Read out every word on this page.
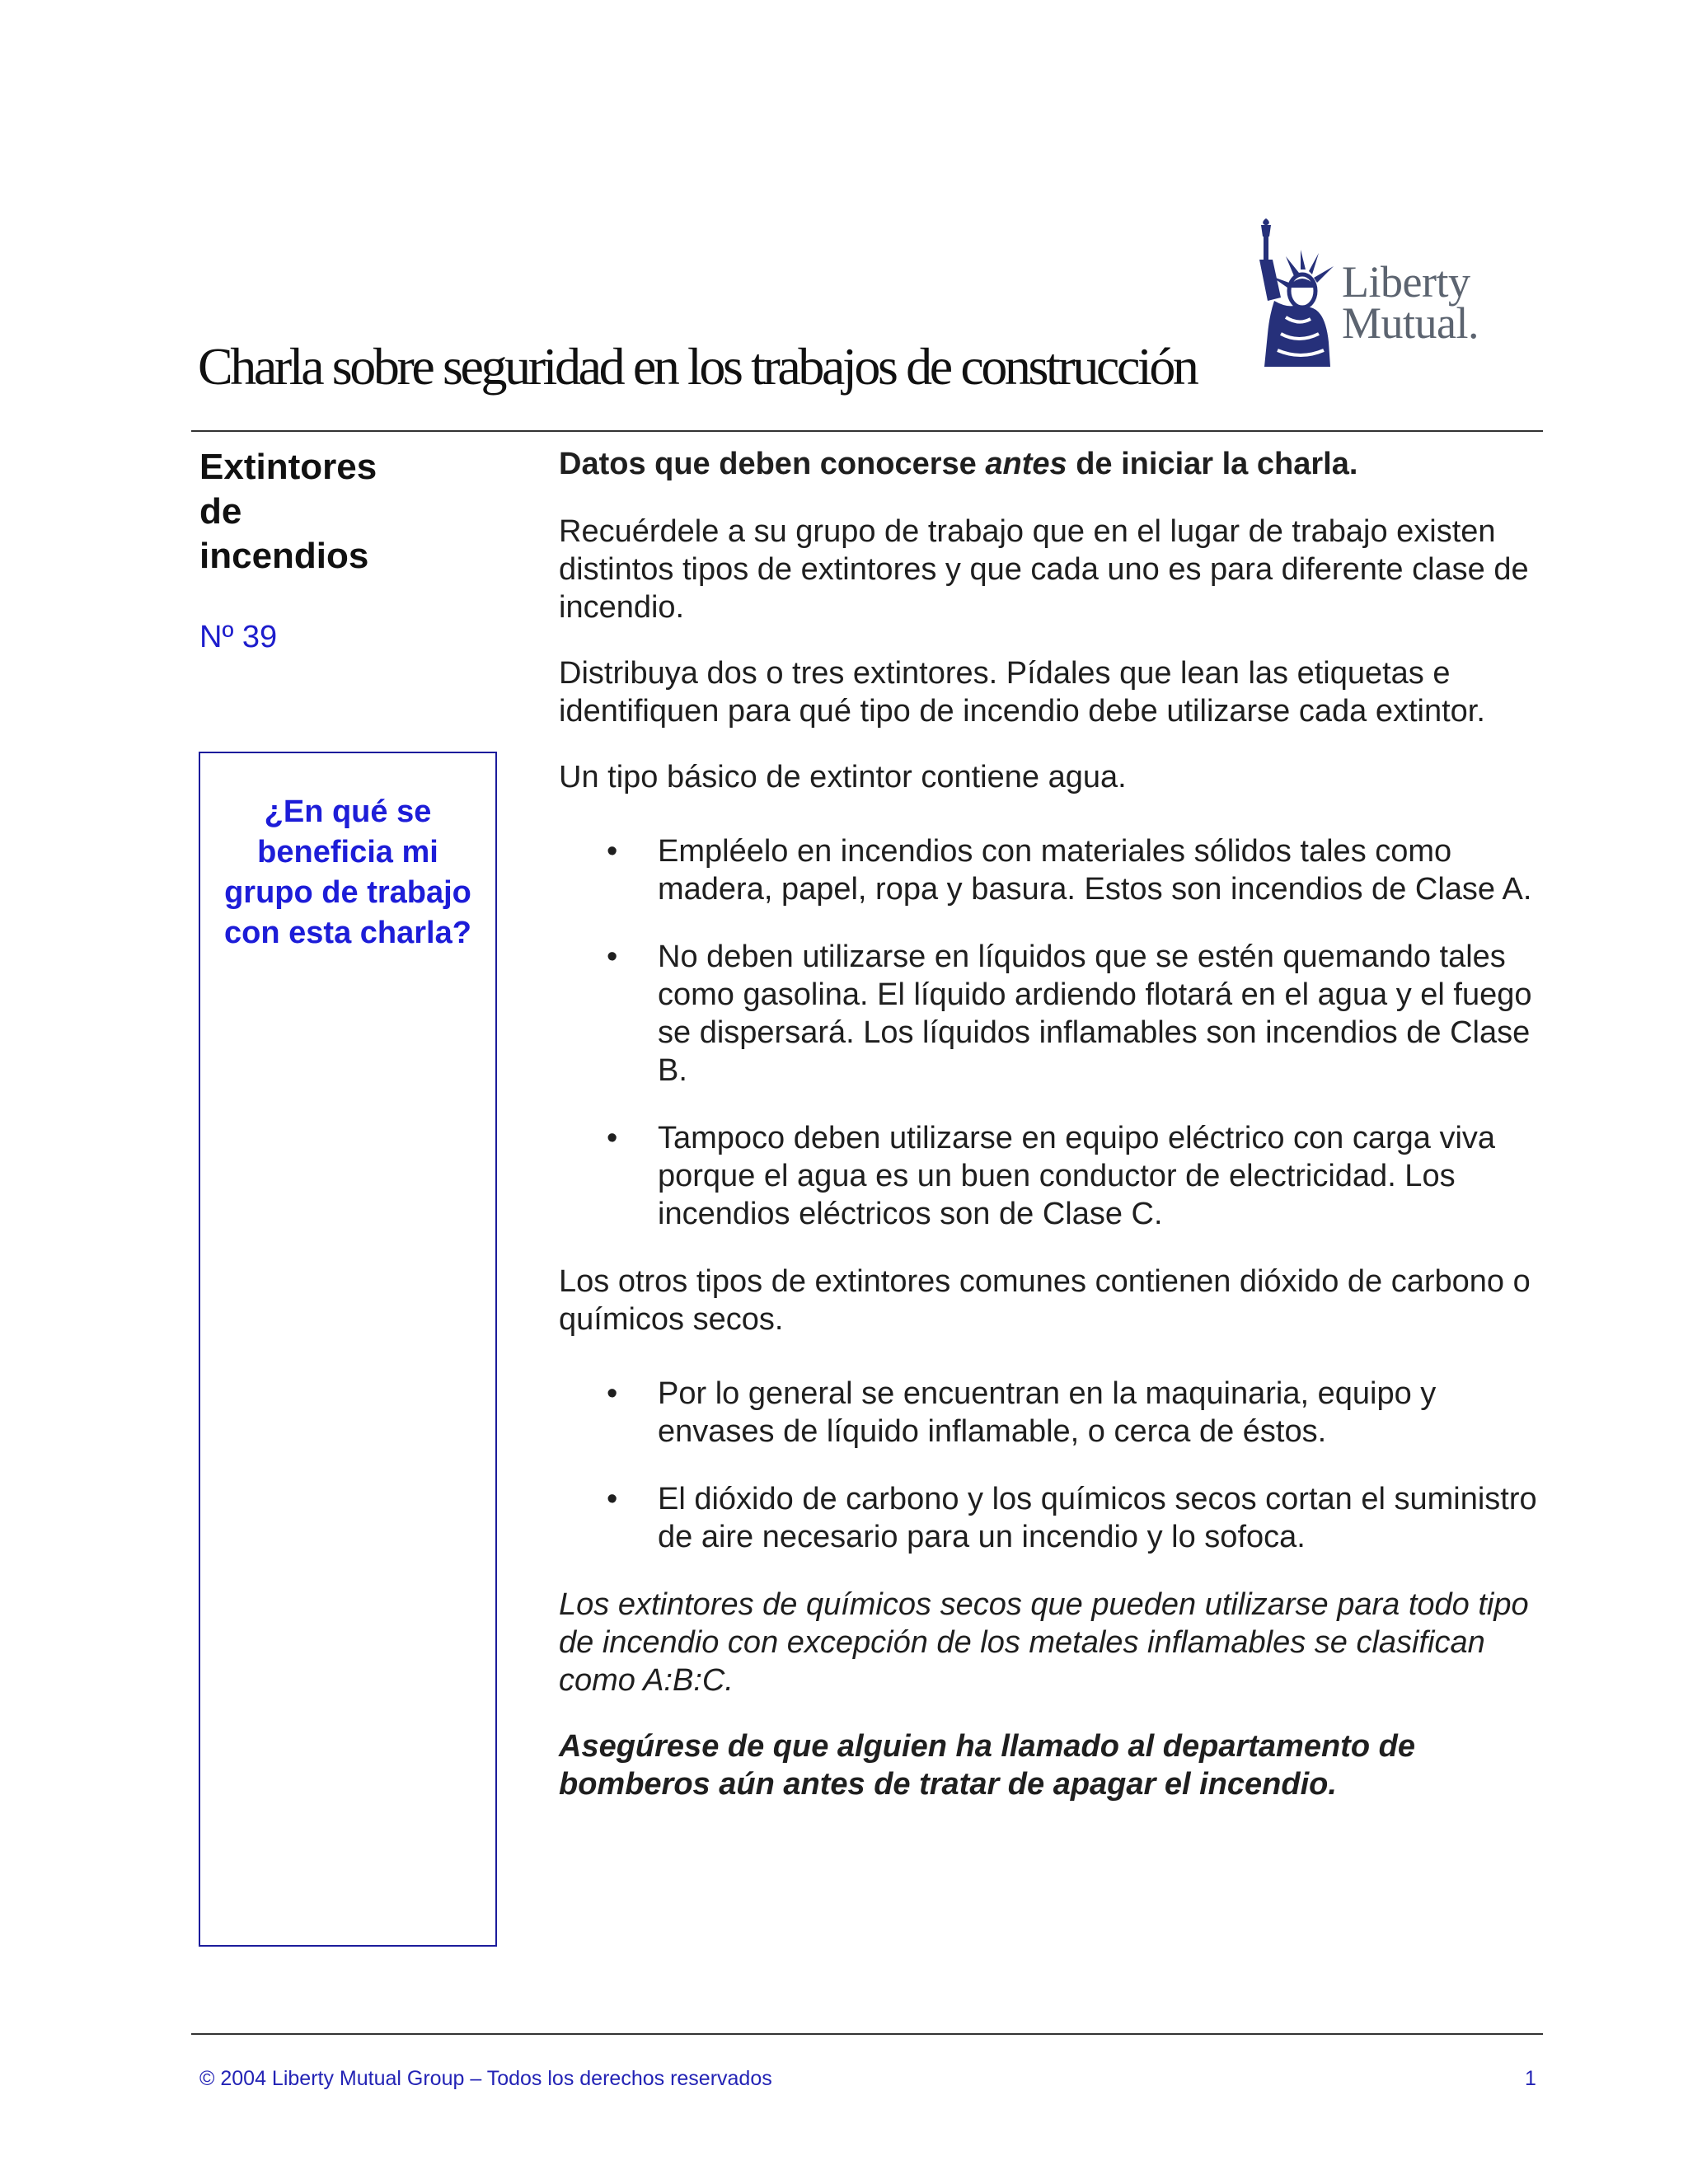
Liberty
Mutual.
Charla sobre seguridad en los trabajos de construcción
Extintores
de
incendios
Nº 39
¿En qué se beneficia mi grupo de trabajo con esta charla?

Datos que deben conocerse antes de iniciar la charla.

Recuérdele a su grupo de trabajo que en el lugar de trabajo existen distintos tipos de extintores y que cada uno es para diferente clase de incendio.

Distribuya dos o tres extintores. Pídales que lean las etiquetas e identifiquen para qué tipo de incendio debe utilizarse cada extintor.

Un tipo básico de extintor contiene agua.

• Empléelo en incendios con materiales sólidos tales como madera, papel, ropa y basura. Estos son incendios de Clase A.
• No deben utilizarse en líquidos que se estén quemando tales como gasolina. El líquido ardiendo flotará en el agua y el fuego se dispersará. Los líquidos inflamables son incendios de Clase B.
• Tampoco deben utilizarse en equipo eléctrico con carga viva porque el agua es un buen conductor de electricidad. Los incendios eléctricos son de Clase C.

Los otros tipos de extintores comunes contienen dióxido de carbono o químicos secos.

• Por lo general se encuentran en la maquinaria, equipo y envases de líquido inflamable, o cerca de éstos.
• El dióxido de carbono y los químicos secos cortan el suministro de aire necesario para un incendio y lo sofoca.

Los extintores de químicos secos que pueden utilizarse para todo tipo de incendio con excepción de los metales inflamables se clasifican como A:B:C.

Asegúrese de que alguien ha llamado al departamento de bomberos aún antes de tratar de apagar el incendio.

© 2004 Liberty Mutual Group – Todos los derechos reservados	1
